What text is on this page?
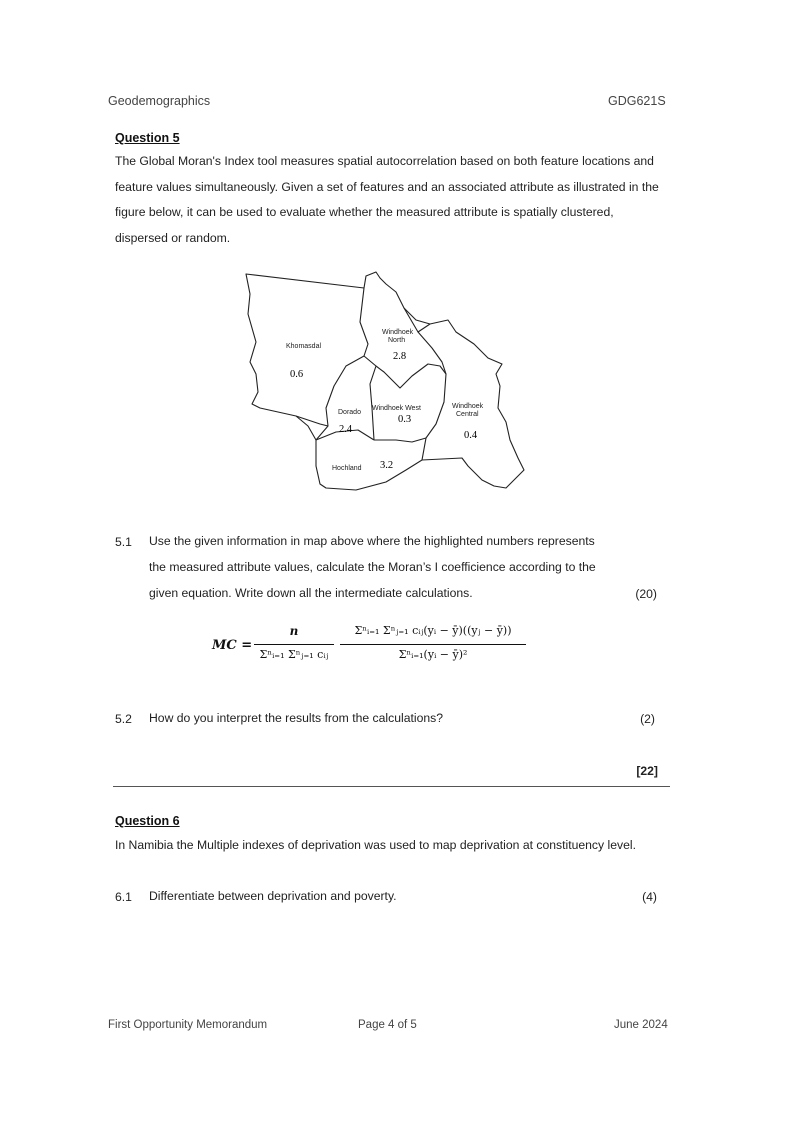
Geodemographics	GDG621S
Question 5
The Global Moran's Index tool measures spatial autocorrelation based on both feature locations and feature values simultaneously. Given a set of features and an associated attribute as illustrated in the figure below, it can be used to evaluate whether the measured attribute is spatially clustered, dispersed or random.
Khomasdal
0.6
Windhoek
North
2.8
Dorado
2.4
Windhoek West
0.3
Windhoek
Central
0.4
Hochland 3.2
5.1 Use the given information in map above where the highlighted numbers represents
the measured attribute values, calculate the Moran’s I coefficience according to the
given equation. Write down all the intermediate calculations.	(20)
MC =
n
Σⁿᵢ₌₁ Σⁿⱼ₌₁ cᵢⱼ
Σⁿᵢ₌₁ Σⁿⱼ₌₁ cᵢⱼ(yᵢ − ȳ)((yⱼ − ȳ))
Σⁿᵢ₌₁(yᵢ − ȳ)²
5.2 How do you interpret the results from the calculations?	(2)
[22]
Question 6
In Namibia the Multiple indexes of deprivation was used to map deprivation at constituency level.
6.1 Differentiate between deprivation and poverty.	(4)
First Opportunity Memorandum	Page 4 of 5	June 2024
